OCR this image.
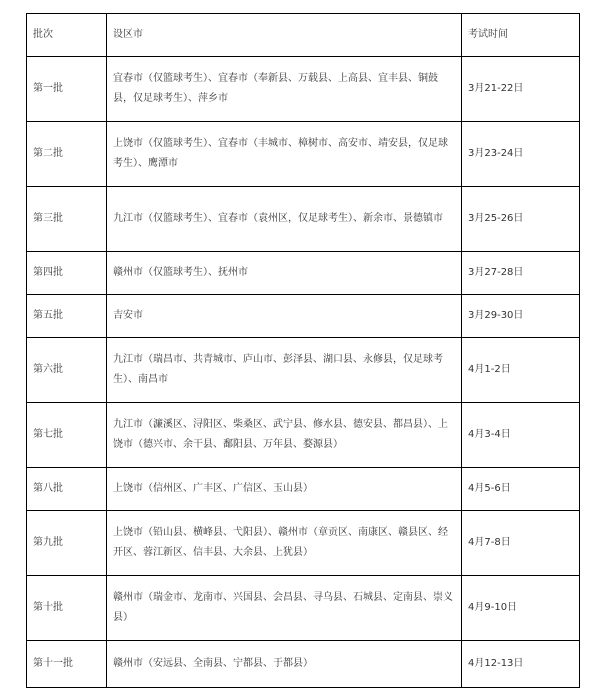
批次	设区市	考试时间
第一批	宜春市（仅篮球考生）、宜春市（奉新县、万载县、上高县、宜丰县、铜鼓县，仅足球考生）、萍乡市	3月21-22日
第二批	上饶市（仅篮球考生）、宜春市（丰城市、樟树市、高安市、靖安县，仅足球考生）、鹰潭市	3月23-24日
第三批	九江市（仅篮球考生）、宜春市（袁州区，仅足球考生）、新余市、景德镇市	3月25-26日
第四批	赣州市（仅篮球考生）、抚州市	3月27-28日
第五批	吉安市	3月29-30日
第六批	九江市（瑞昌市、共青城市、庐山市、彭泽县、湖口县、永修县，仅足球考生）、南昌市	4月1-2日
第七批	九江市（濂溪区、浔阳区、柴桑区、武宁县、修水县、德安县、都昌县）、上饶市（德兴市、余干县、鄱阳县、万年县、婺源县）	4月3-4日
第八批	上饶市（信州区、广丰区、广信区、玉山县）	4月5-6日
第九批	上饶市（铅山县、横峰县、弋阳县）、赣州市（章贡区、南康区、赣县区、经开区、蓉江新区、信丰县、大余县、上犹县）	4月7-8日
第十批	赣州市（瑞金市、龙南市、兴国县、会昌县、寻乌县、石城县、定南县、崇义县）	4月9-10日
第十一批	赣州市（安远县、全南县、宁都县、于都县）	4月12-13日
